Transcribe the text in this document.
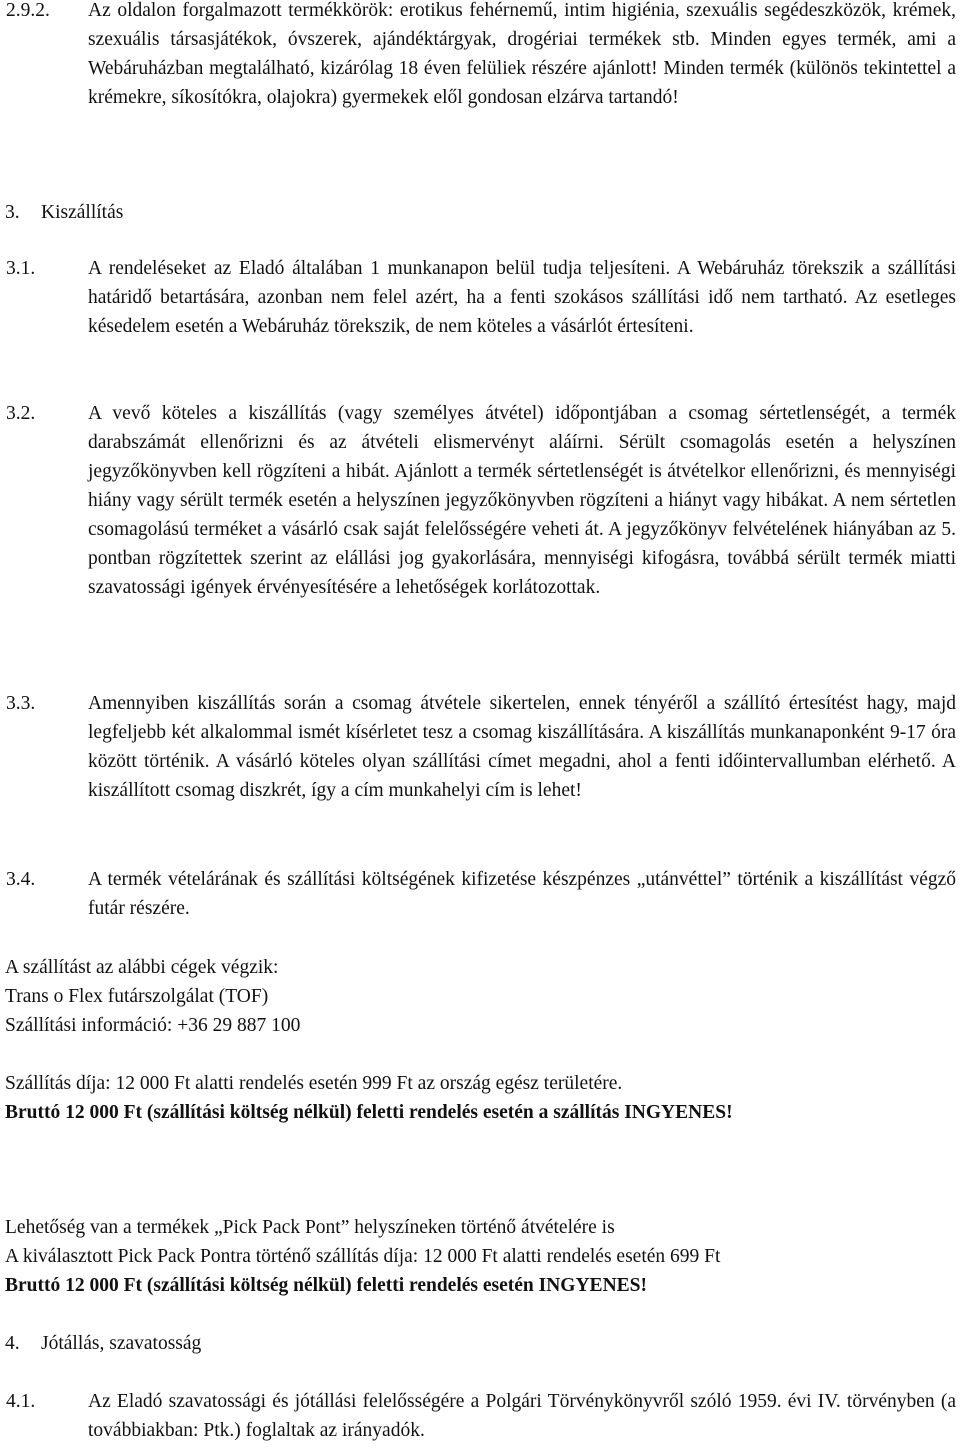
2.9.2. Az oldalon forgalmazott termékkörök: erotikus fehérnemű, intim higiénia, szexuális segédeszközök, krémek, szexuális társasjátékok, óvszerek, ajándéktárgyak, drogériai termékek stb. Minden egyes termék, ami a Webáruházban megtalálható, kizárólag 18 éven felüliek részére ajánlott! Minden termék (különös tekintettel a krémekre, síkosítókra, olajokra) gyermekek elől gondosan elzárva tartandó!
3. Kiszállítás
3.1.	A rendeléseket az Eladó általában 1 munkanapon belül tudja teljesíteni. A Webáruház törekszik a szállítási határidő betartására, azonban nem felel azért, ha a fenti szokásos szállítási idő nem tartható. Az esetleges késedelem esetén a Webáruház törekszik, de nem köteles a vásárlót értesíteni.
3.2.	A vevő köteles a kiszállítás (vagy személyes átvétel) időpontjában a csomag sértetlenségét, a termék darabszámát ellenőrizni és az átvételi elismervényt aláírni. Sérült csomagolás esetén a helyszínen jegyzőkönyvben kell rögzíteni a hibát. Ajánlott a termék sértetlenségét is átvételkor ellenőrizni, és mennyiségi hiány vagy sérült termék esetén a helyszínen jegyzőkönyvben rögzíteni a hiányt vagy hibákat. A nem sértetlen csomagolású terméket a vásárló csak saját felelősségére veheti át. A jegyzőkönyv felvételének hiányában az 5. pontban rögzítettek szerint az elállási jog gyakorlására, mennyiségi kifogásra, továbbá sérült termék miatti szavatossági igények érvényesítésére a lehetőségek korlátozottak.
3.3.	Amennyiben kiszállítás során a csomag átvétele sikertelen, ennek tényéről a szállító értesítést hagy, majd legfeljebb két alkalommal ismét kísérletet tesz a csomag kiszállítására. A kiszállítás munkanaponként 9-17 óra között történik. A vásárló köteles olyan szállítási címet megadni, ahol a fenti időintervallumban elérhető. A kiszállított csomag diszkrét, így a cím munkahelyi cím is lehet!
3.4.	A termék vételárának és szállítási költségének kifizetése készpénzes „utánvéttel” történik a kiszállítást végző futár részére.
A szállítást az alábbi cégek végzik:
Trans o Flex futárszolgálat (TOF)
Szállítási információ: +36 29 887 100
Szállítás díja: 12 000 Ft alatti rendelés esetén 999 Ft az ország egész területére.
Bruttó 12 000 Ft (szállítási költség nélkül) feletti rendelés esetén a szállítás INGYENES!
Lehetőség van a termékek „Pick Pack Pont” helyszíneken történő átvételére is
A kiválasztott Pick Pack Pontra történő szállítás díja: 12 000 Ft alatti rendelés esetén 699 Ft
Bruttó 12 000 Ft (szállítási költség nélkül) feletti rendelés esetén INGYENES!
4. Jótállás, szavatosság
4.1.	Az Eladó szavatossági és jótállási felelősségére a Polgári Törvénykönyvről szóló 1959. évi IV. törvényben (a továbbiakban: Ptk.) foglaltak az irányadók.
